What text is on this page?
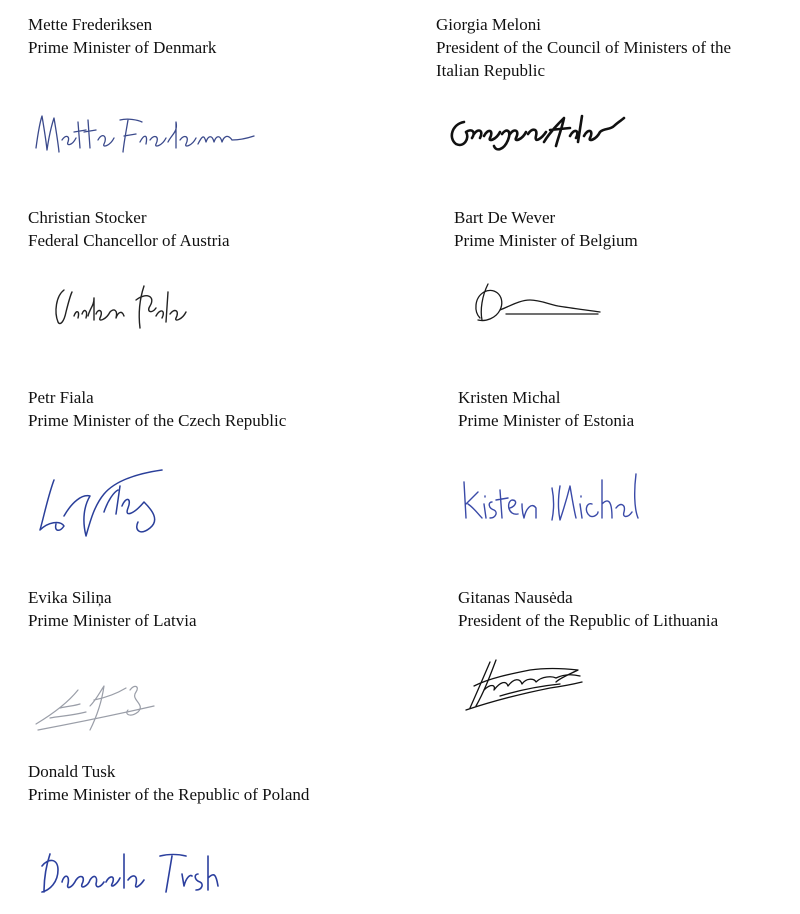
Mette Frederiksen
Prime Minister of Denmark
Giorgia Meloni
President of the Council of Ministers of the Italian Republic
Christian Stocker
Federal Chancellor of Austria
Bart De Wever
Prime Minister of Belgium
Petr Fiala
Prime Minister of the Czech Republic
Kristen Michal
Prime Minister of Estonia
Evika Siliņa
Prime Minister of Latvia
Gitanas Nausėda
President of the Republic of Lithuania
Donald Tusk
Prime Minister of the Republic of Poland
